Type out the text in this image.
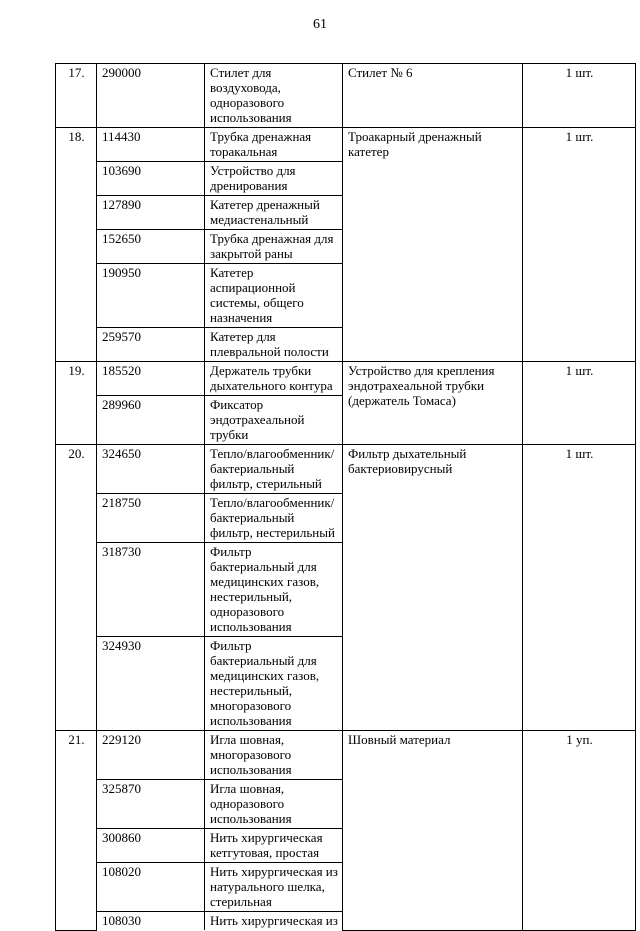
61
17.	290000	Стилет для воздуховода, одноразового использования	Стилет № 6	1 шт.
18.	114430	Трубка дренажная торакальная	Троакарный дренажный катетер	1 шт.
	103690	Устройство для дренирования		
	127890	Катетер дренажный медиастенальный		
	152650	Трубка дренажная для закрытой раны		
	190950	Катетер аспирационной системы, общего назначения		
	259570	Катетер для плевральной полости		
19.	185520	Держатель трубки дыхательного контура	Устройство для крепления эндотрахеальной трубки (держатель Томаса)	1 шт.
	289960	Фиксатор эндотрахеальной трубки		
20.	324650	Тепло/влагообменник/ бактериальный фильтр, стерильный	Фильтр дыхательный бактериовирусный	1 шт.
	218750	Тепло/влагообменник/ бактериальный фильтр, нестерильный		
	318730	Фильтр бактериальный для медицинских газов, нестерильный, одноразового использования		
	324930	Фильтр бактериальный для медицинских газов, нестерильный, многоразового использования		
21.	229120	Игла шовная, многоразового использования	Шовный материал	1 уп.
	325870	Игла шовная, одноразового использования		
	300860	Нить хирургическая кетгутовая, простая		
	108020	Нить хирургическая из натурального шелка, стерильная		
	108030	Нить хирургическая из		
